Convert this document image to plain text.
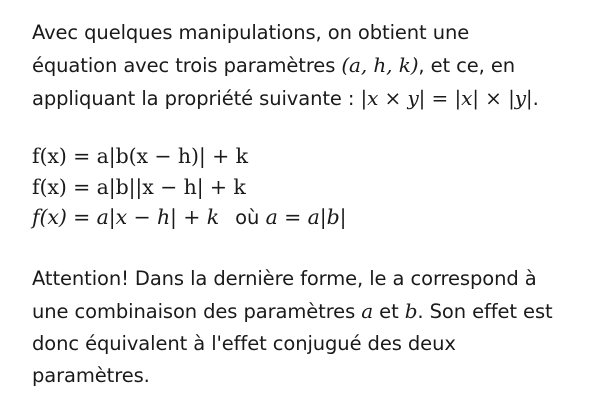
Avec quelques manipulations, on obtient une
équation avec trois paramètres (a, h, k), et ce, en
appliquant la propriété suivante : |x × y| = |x| × |y|.
f(x) = a|b(x − h)| + k
f(x) = a|b||x − h| + k
f(x) = a|x − h| + k où a = a|b|
Attention! Dans la dernière forme, le a correspond à
une combinaison des paramètres a et b. Son effet est
donc équivalent à l'effet conjugué des deux
paramètres.
